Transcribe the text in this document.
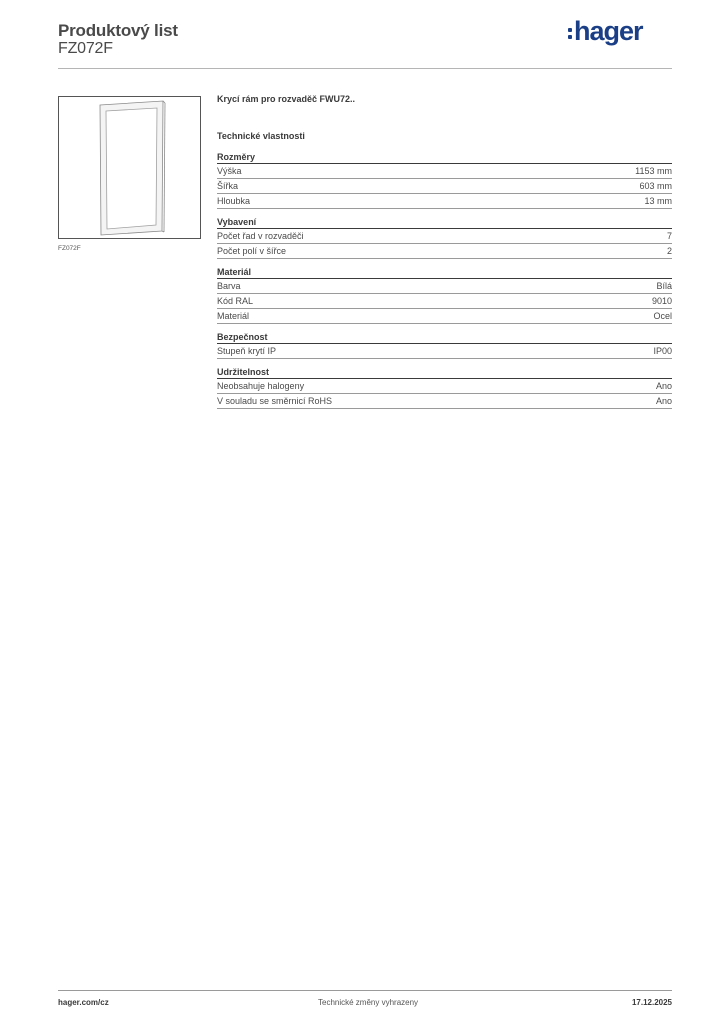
Produktový list
FZ072F
hager
FZ072F
Krycí rám pro rozvaděč FWU72..
Technické vlastnosti
Rozměry
Výška	1153 mm
Šířka	603 mm
Hloubka	13 mm
Vybavení
Počet řad v rozvaděči	7
Počet polí v šířce	2
Materiál
Barva	Bílá
Kód RAL	9010
Materiál	Ocel
Bezpečnost
Stupeň krytí IP	IP00
Udržitelnost
Neobsahuje halogeny	Ano
V souladu se směrnicí RoHS	Ano
hager.com/cz	Technické změny vyhrazeny	17.12.2025
